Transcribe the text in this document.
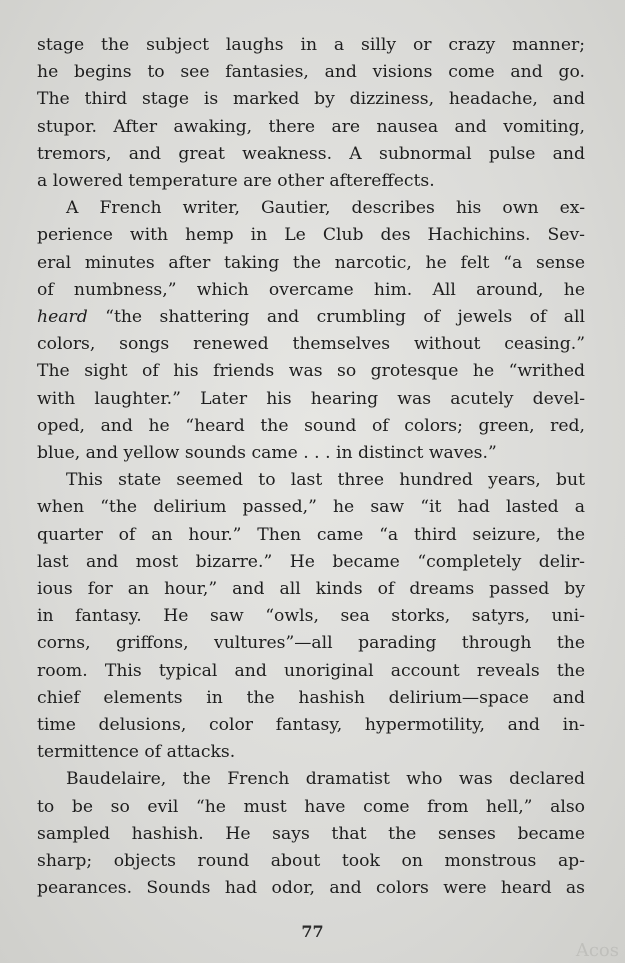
stage the subject laughs in a silly or crazy manner;
he begins to see fantasies, and visions come and go.
The third stage is marked by dizziness, headache, and
stupor. After awaking, there are nausea and vomiting,
tremors, and great weakness. A subnormal pulse and
a lowered temperature are other aftereffects.
A French writer, Gautier, describes his own ex-
perience with hemp in Le Club des Hachichins. Sev-
eral minutes after taking the narcotic, he felt “a sense
of numbness,” which overcame him. All around, he
heard “the shattering and crumbling of jewels of all
colors, songs renewed themselves without ceasing.”
The sight of his friends was so grotesque he “writhed
with laughter.” Later his hearing was acutely devel-
oped, and he “heard the sound of colors; green, red,
blue, and yellow sounds came . . . in distinct waves.”
This state seemed to last three hundred years, but
when “the delirium passed,” he saw “it had lasted a
quarter of an hour.” Then came “a third seizure, the
last and most bizarre.” He became “completely delir-
ious for an hour,” and all kinds of dreams passed by
in fantasy. He saw “owls, sea storks, satyrs, uni-
corns, griffons, vultures”—all parading through the
room. This typical and unoriginal account reveals the
chief elements in the hashish delirium—space and
time delusions, color fantasy, hypermotility, and in-
termittence of attacks.
Baudelaire, the French dramatist who was declared
to be so evil “he must have come from hell,” also
sampled hashish. He says that the senses became
sharp; objects round about took on monstrous ap-
pearances. Sounds had odor, and colors were heard as
77
Acos
